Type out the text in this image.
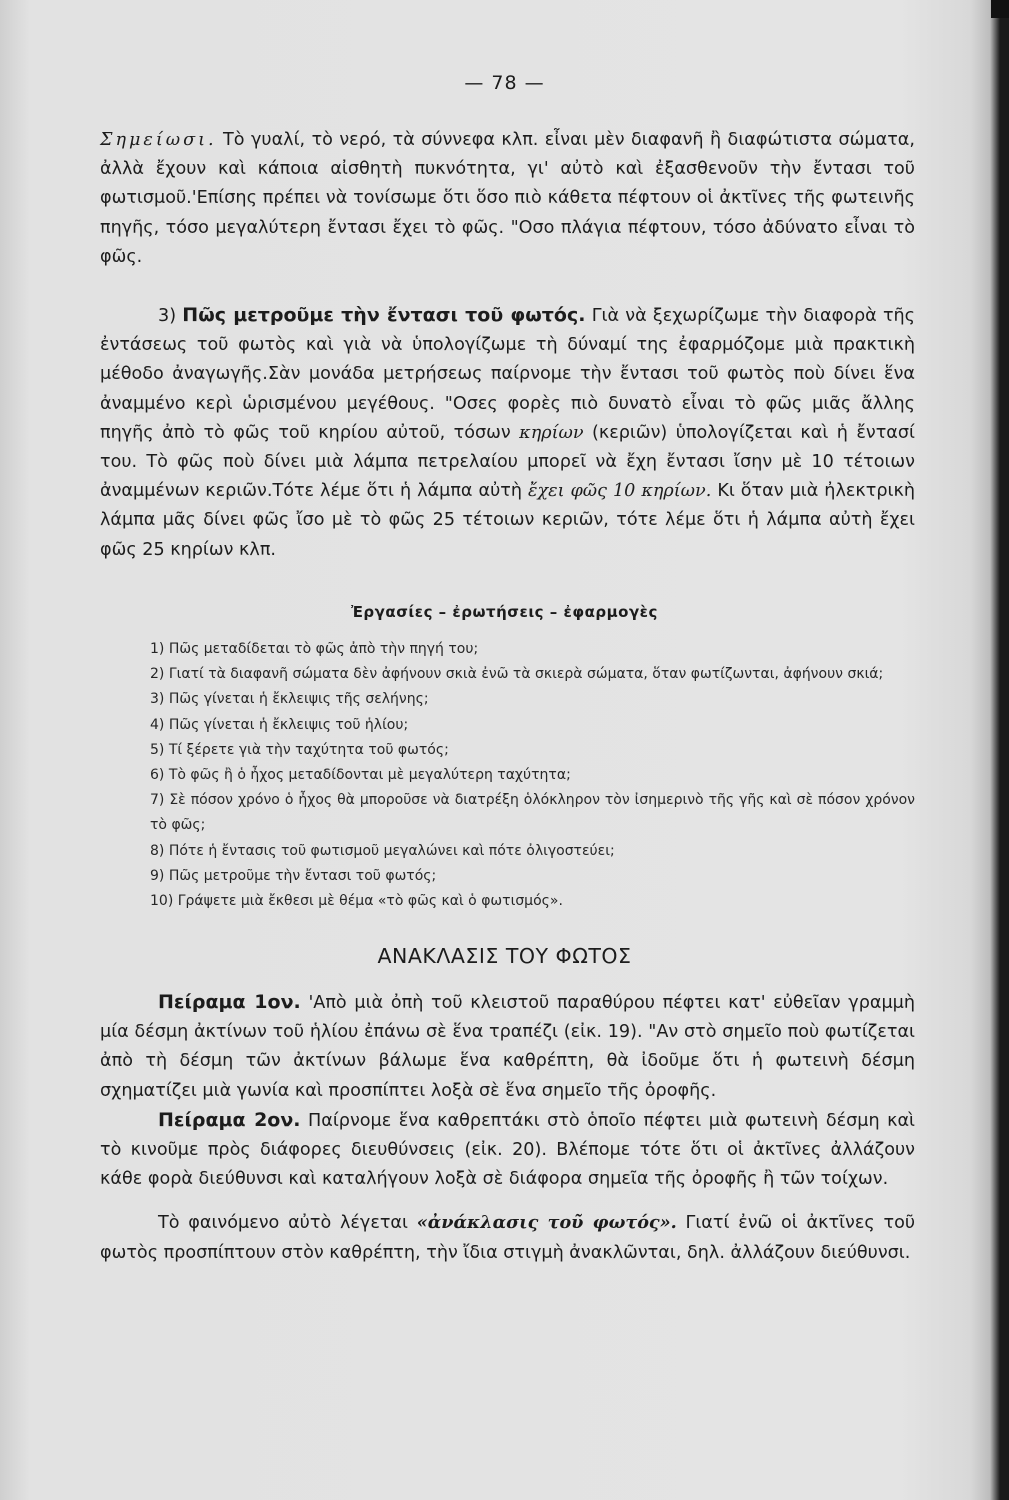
— 78 —

Σημείωσι. Τὸ γυαλί, τὸ νερό, τὰ σύννεφα κλπ. εἶναι μὲν διαφανῆ ἢ διαφώτιστα σώματα, ἀλλὰ ἔχουν καὶ κάποια αἰσθητὴ πυκνότητα, γι' αὐτὸ καὶ ἐξασθενοῦν τὴν ἔντασι τοῦ φωτισμοῦ.'Επίσης πρέπει νὰ τονίσωμε ὅτι ὅσο πιὸ κάθετα πέφτουν οἱ ἀκτῖνες τῆς φωτεινῆς πηγῆς, τόσο μεγαλύτερη ἔντασι ἔχει τὸ φῶς. "Οσο πλάγια πέφτουν, τόσο ἀδύνατο εἶναι τὸ φῶς.

3) Πῶς μετροῦμε τὴν ἔντασι τοῦ φωτός. Γιὰ νὰ ξεχωρίζωμε τὴν διαφορὰ τῆς ἐντάσεως τοῦ φωτὸς καὶ γιὰ νὰ ὑπολογίζωμε τὴ δύναμί της ἐφαρμόζομε μιὰ πρακτικὴ μέθοδο ἀναγωγῆς.Σὰν μονάδα μετρήσεως παίρνομε τὴν ἔντασι τοῦ φωτὸς ποὺ δίνει ἕνα ἀναμμένο κερὶ ὡρισμένου μεγέθους. "Οσες φορὲς πιὸ δυνατὸ εἶναι τὸ φῶς μιᾶς ἄλλης πηγῆς ἀπὸ τὸ φῶς τοῦ κηρίου αὐτοῦ, τόσων κηρίων (κεριῶν) ὑπολογίζεται καὶ ἡ ἔντασί του. Τὸ φῶς ποὺ δίνει μιὰ λάμπα πετρελαίου μπορεῖ νὰ ἔχη ἔντασι ἴσην μὲ 10 τέτοιων ἀναμμένων κεριῶν.Τότε λέμε ὅτι ἡ λάμπα αὐτὴ ἔχει φῶς 10 κηρίων. Κι ὅταν μιὰ ἠλεκτρικὴ λάμπα μᾶς δίνει φῶς ἴσο μὲ τὸ φῶς 25 τέτοιων κεριῶν, τότε λέμε ὅτι ἡ λάμπα αὐτὴ ἔχει φῶς 25 κηρίων κλπ.

Ἐργασίες – ἐρωτήσεις – ἐφαρμογὲς

1) Πῶς μεταδίδεται τὸ φῶς ἀπὸ τὴν πηγή του;

2) Γιατί τὰ διαφανῆ σώματα δὲν ἀφήνουν σκιὰ ἐνῶ τὰ σκιερὰ σώματα, ὅταν φωτίζωνται, ἀφήνουν σκιά;

3) Πῶς γίνεται ἡ ἔκλειψις τῆς σελήνης;

4) Πῶς γίνεται ἡ ἔκλειψις τοῦ ἡλίου;

5) Τί ξέρετε γιὰ τὴν ταχύτητα τοῦ φωτός;

6) Τὸ φῶς ἢ ὁ ἦχος μεταδίδονται μὲ μεγαλύτερη ταχύτητα;

7) Σὲ πόσον χρόνο ὁ ἦχος θὰ μποροῦσε νὰ διατρέξη ὁλόκληρον τὸν ἰσημερινὸ τῆς γῆς καὶ σὲ πόσον χρόνον τὸ φῶς;

8) Πότε ἡ ἔντασις τοῦ φωτισμοῦ μεγαλώνει καὶ πότε ὀλιγοστεύει;

9) Πῶς μετροῦμε τὴν ἔντασι τοῦ φωτός;

10) Γράψετε μιὰ ἔκθεσι μὲ θέμα «τὸ φῶς καὶ ὁ φωτισμός».

ΑΝΑΚΛΑΣΙΣ ΤΟΥ ΦΩΤΟΣ

Πείραμα 1ον. 'Απὸ μιὰ ὀπὴ τοῦ κλειστοῦ παραθύρου πέφτει κατ' εὐθεῖαν γραμμὴ μία δέσμη ἀκτίνων τοῦ ἡλίου ἐπάνω σὲ ἕνα τραπέζι (εἰκ. 19). "Αν στὸ σημεῖο ποὺ φωτίζεται ἀπὸ τὴ δέσμη τῶν ἀκτίνων βάλωμε ἕνα καθρέπτη, θὰ ἰδοῦμε ὅτι ἡ φωτεινὴ δέσμη σχηματίζει μιὰ γωνία καὶ προσπίπτει λοξὰ σὲ ἕνα σημεῖο τῆς ὀροφῆς.

Πείραμα 2ον. Παίρνομε ἕνα καθρεπτάκι στὸ ὁποῖο πέφτει μιὰ φωτεινὴ δέσμη καὶ τὸ κινοῦμε πρὸς διάφορες διευθύνσεις (εἰκ. 20). Βλέπομε τότε ὅτι οἱ ἀκτῖνες ἀλλάζουν κάθε φορὰ διεύθυνσι καὶ καταλήγουν λοξὰ σὲ διάφορα σημεῖα τῆς ὀροφῆς ἢ τῶν τοίχων.

Τὸ φαινόμενο αὐτὸ λέγεται «ἀνάκλασις τοῦ φωτός». Γιατί ἐνῶ οἱ ἀκτῖνες τοῦ φωτὸς προσπίπτουν στὸν καθρέπτη, τὴν ἴδια στιγμὴ ἀνακλῶνται, δηλ. ἀλλάζουν διεύθυνσι.
